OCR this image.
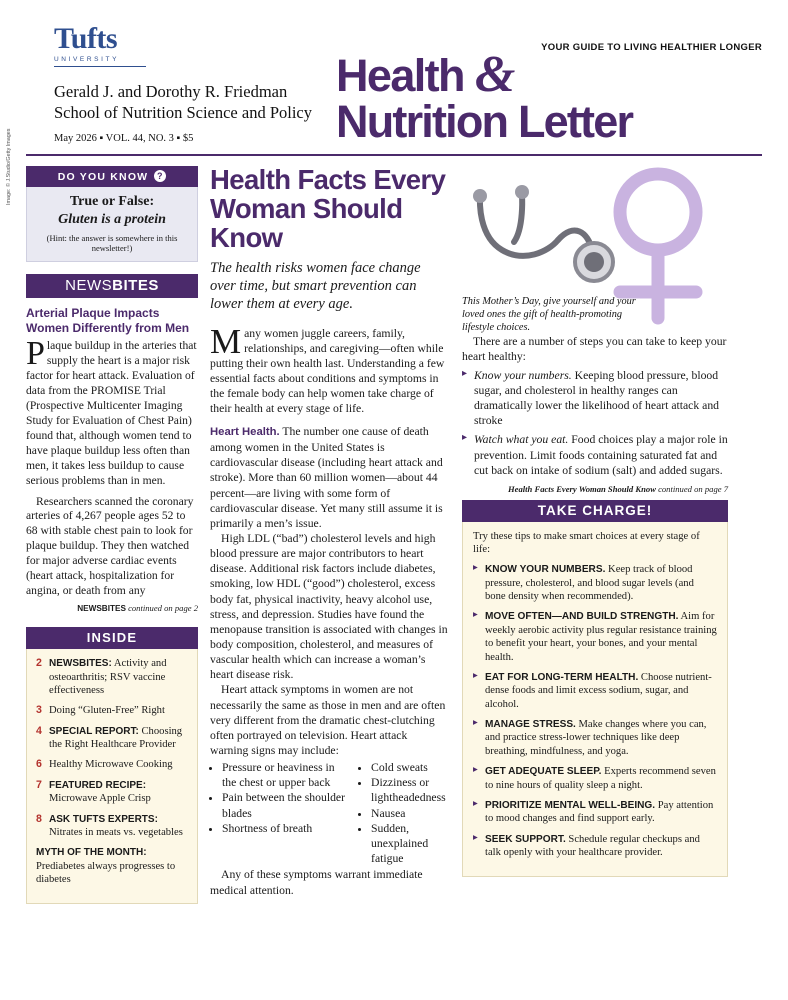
Image: © J.Studio/Getty Images
Tufts
UNIVERSITY
Gerald J. and Dorothy R. Friedman School of Nutrition Science and Policy
May 2026 ▪ VOL. 44, NO. 3 ▪ $5
YOUR GUIDE TO LIVING HEALTHIER LONGER
Health &
Nutrition Letter
DO YOU KNOW ?
True or False:
Gluten is a protein
(Hint: the answer is somewhere in this newsletter!)
NEWSBITES
Arterial Plaque Impacts Women Differently from Men

Plaque buildup in the arteries that supply the heart is a major risk factor for heart attack. Evaluation of data from the PROMISE Trial (Prospective Multicenter Imaging Study for Evaluation of Chest Pain) found that, although women tend to have plaque buildup less often than men, it takes less buildup to cause serious problems than in men.

Researchers scanned the coronary arteries of 4,267 people ages 52 to 68 with stable chest pain to look for plaque buildup. They then watched for major adverse cardiac events (heart attack, hospitalization for angina, or death from any

NEWSBITES continued on page 2
INSIDE
2 NEWSBITES: Activity and osteoarthritis; RSV vaccine effectiveness
3 Doing “Gluten-Free” Right
4 SPECIAL REPORT: Choosing the Right Healthcare Provider
6 Healthy Microwave Cooking
7 FEATURED RECIPE: Microwave Apple Crisp
8 ASK TUFTS EXPERTS: Nitrates in meats vs. vegetables
MYTH OF THE MONTH: Prediabetes always progresses to diabetes
Health Facts Every Woman Should Know
The health risks women face change over time, but smart prevention can lower them at every age.

Many women juggle careers, family, relationships, and caregiving—often while putting their own health last. Understanding a few essential facts about conditions and symptoms in the female body can help women take charge of their health at every stage of life.

Heart Health. The number one cause of death among women in the United States is cardiovascular disease (including heart attack and stroke). More than 60 million women—about 44 percent—are living with some form of cardiovascular disease. Yet many still assume it is primarily a men’s issue.

High LDL (“bad”) cholesterol levels and high blood pressure are major contributors to heart disease. Additional risk factors include diabetes, smoking, low HDL (“good”) cholesterol, excess body fat, physical inactivity, heavy alcohol use, stress, and depression. Studies have found the menopause transition is associated with changes in body composition, cholesterol, and measures of vascular health which can increase a woman’s heart disease risk.

Heart attack symptoms in women are not necessarily the same as those in men and are often very different from the dramatic chest-clutching often portrayed on television. Heart attack warning signs may include:

• Pressure or heaviness in the chest or upper back
• Pain between the shoulder blades
• Shortness of breath
• Cold sweats
• Dizziness or lightheadedness
• Nausea
• Sudden, unexplained fatigue

Any of these symptoms warrant immediate medical attention.

This Mother’s Day, give yourself and your loved ones the gift of health-promoting lifestyle choices.

There are a number of steps you can take to keep your heart healthy:

▸ Know your numbers. Keeping blood pressure, blood sugar, and cholesterol in healthy ranges can dramatically lower the likelihood of heart attack and stroke
▸ Watch what you eat. Food choices play a major role in prevention. Limit foods containing saturated fat and cut back on intake of sodium (salt) and added sugars.
Health Facts Every Woman Should Know continued on page 7
TAKE CHARGE!
Try these tips to make smart choices at every stage of life:
▸ KNOW YOUR NUMBERS. Keep track of blood pressure, cholesterol, and blood sugar levels (and bone density when recommended).
▸ MOVE OFTEN—AND BUILD STRENGTH. Aim for weekly aerobic activity plus regular resistance training to benefit your heart, your bones, and your mental health.
▸ EAT FOR LONG-TERM HEALTH. Choose nutrient-dense foods and limit excess sodium, sugar, and alcohol.
▸ MANAGE STRESS. Make changes where you can, and practice stress-lower techniques like deep breathing, mindfulness, and yoga.
▸ GET ADEQUATE SLEEP. Experts recommend seven to nine hours of quality sleep a night.
▸ PRIORITIZE MENTAL WELL-BEING. Pay attention to mood changes and find support early.
▸ SEEK SUPPORT. Schedule regular checkups and talk openly with your healthcare provider.
